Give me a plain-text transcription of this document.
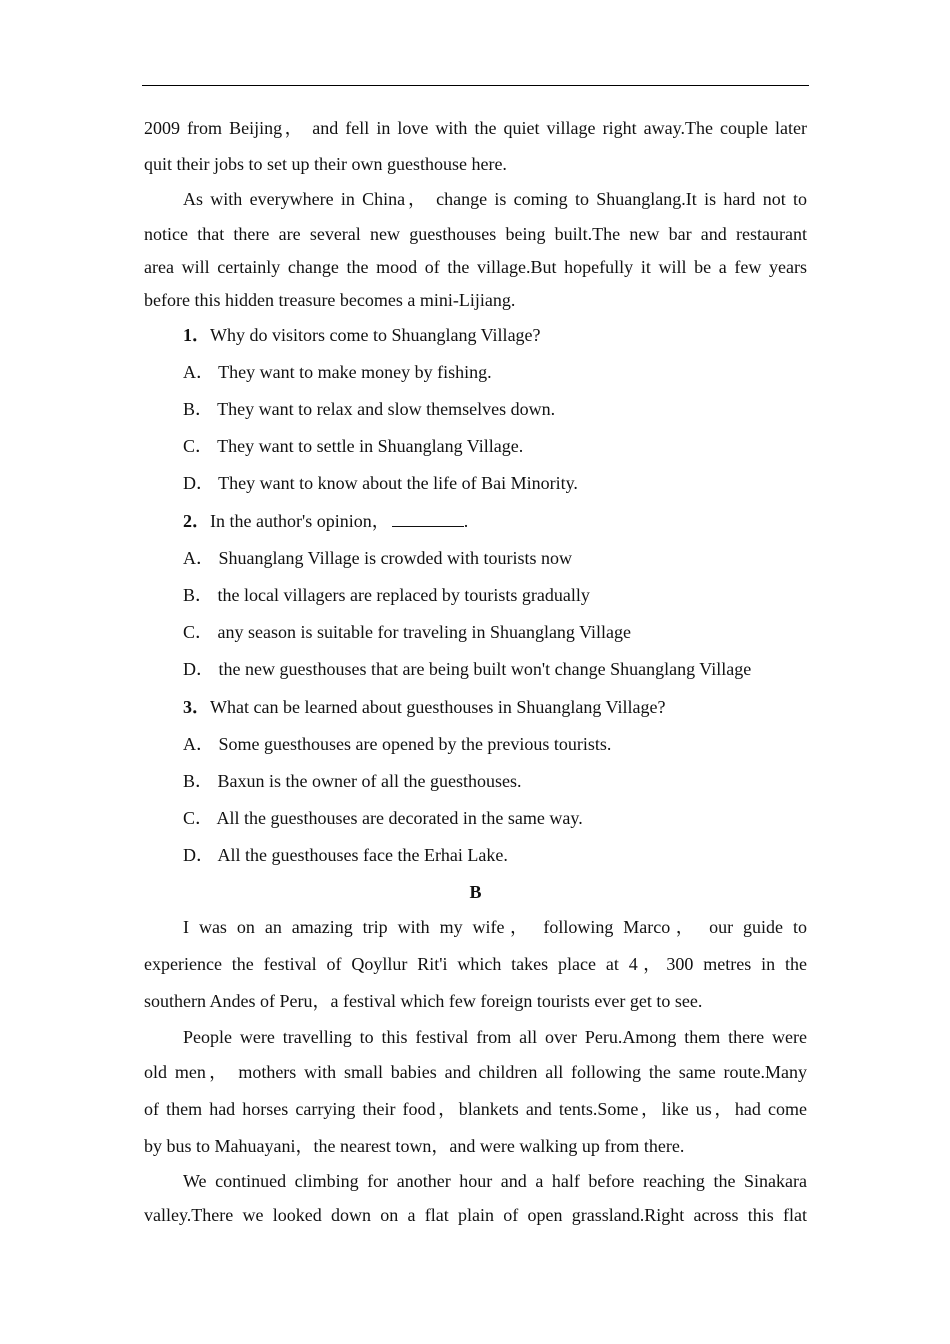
2009 from Beijing， and fell in love with the quiet village right away.The couple later
quit their jobs to set up their own guesthouse here.
As with everywhere in China， change is coming to Shuanglang.It is hard not to
notice that there are several new guesthouses being built.The new bar and restaurant
area will certainly change the mood of the village.But hopefully it will be a few years
before this hidden treasure becomes a mini-Lijiang.
1．Why do visitors come to Shuanglang Village?
A． They want to make money by fishing.
B． They want to relax and slow themselves down.
C． They want to settle in Shuanglang Village.
D． They want to know about the life of Bai Minority.
2．In the author's opinion，	.
A． Shuanglang Village is crowded with tourists now
B． the local villagers are replaced by tourists gradually
C． any season is suitable for traveling in Shuanglang Village
D． the new guesthouses that are being built won't change Shuanglang Village
3．What can be learned about guesthouses in Shuanglang Village?
A． Some guesthouses are opened by the previous tourists.
B． Baxun is the owner of all the guesthouses.
C． All the guesthouses are decorated in the same way.
D． All the guesthouses face the Erhai Lake.
B
I was on an amazing trip with my wife， following Marco， our guide to
experience the festival of Qoyllur Rit'i which takes place at 4，300 metres in the
southern Andes of Peru，a festival which few foreign tourists ever get to see.
People were travelling to this festival from all over Peru.Among them there were
old men， mothers with small babies and children all following the same route.Many
of them had horses carrying their food，blankets and tents.Some，like us，had come
by bus to Mahuayani，the nearest town，and were walking up from there.
We continued climbing for another hour and a half before reaching the Sinakara
valley.There we looked down on a flat plain of open grassland.Right across this flat
